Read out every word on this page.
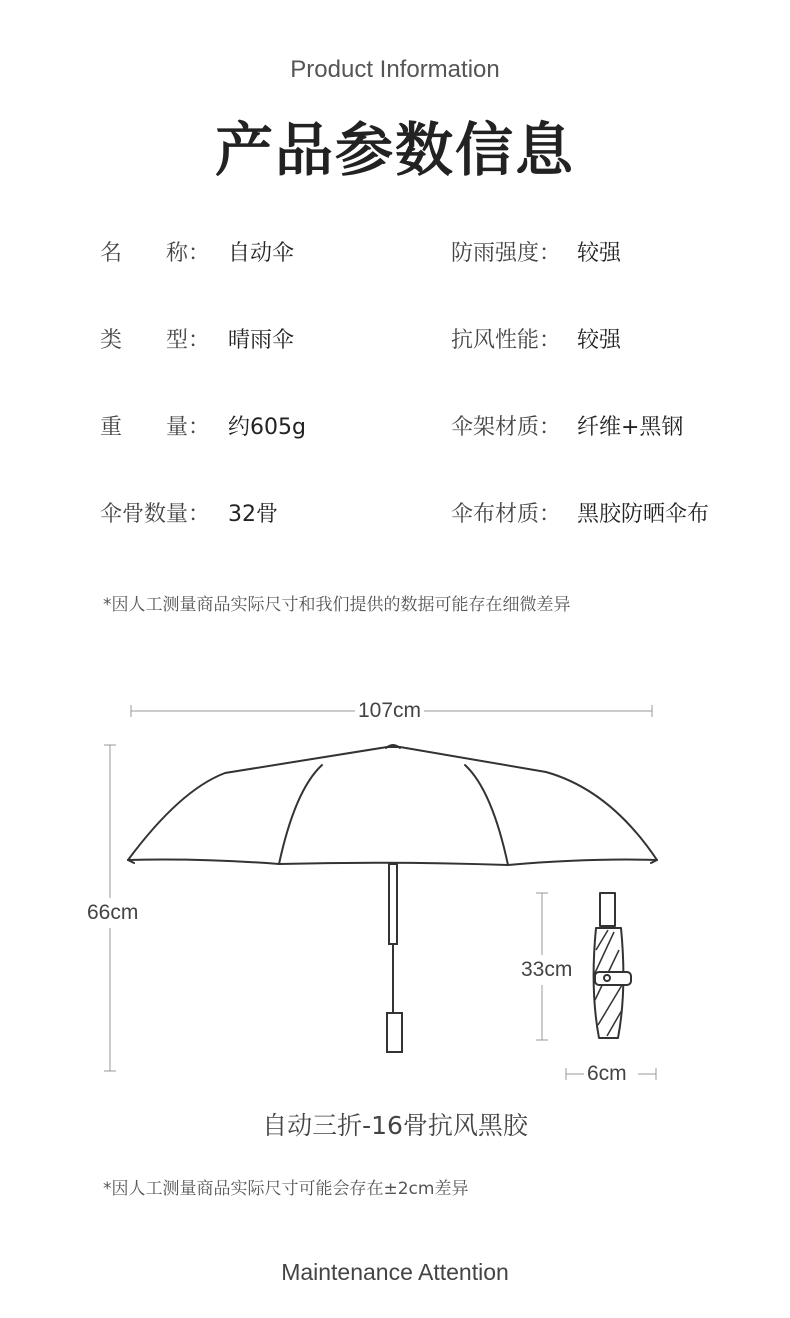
Product Information
产品参数信息
名　　称： 自动伞	防雨强度： 较强
类　　型： 晴雨伞	抗风性能： 较强
重　　量： 约605g	伞架材质： 纤维+黑钢
伞骨数量： 32骨	伞布材质： 黑胶防晒伞布
*因人工测量商品实际尺寸和我们提供的数据可能存在细微差异
107cm
66cm
33cm
6cm
自动三折-16骨抗风黑胶
*因人工测量商品实际尺寸可能会存在±2cm差异
Maintenance Attention
